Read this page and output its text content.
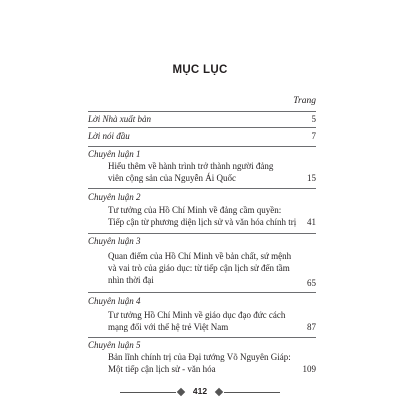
MỤC LỤC
Trang
Lời Nhà xuất bản	5
Lời nói đầu	7
Chuyên luận 1
Hiểu thêm về hành trình trở thành người đảng
viên cộng sản của Nguyễn Ái Quốc	15
Chuyên luận 2
Tư tưởng của Hồ Chí Minh về đảng cầm quyền:
Tiếp cận từ phương diện lịch sử và văn hóa chính trị 41
Chuyên luận 3
Quan điểm của Hồ Chí Minh về bản chất, sứ mệnh
và vai trò của giáo dục: từ tiếp cận lịch sử đến tầm
nhìn thời đại	65
Chuyên luận 4
Tư tưởng Hồ Chí Minh về giáo dục đạo đức cách
mạng đối với thế hệ trẻ Việt Nam	87
Chuyên luận 5
Bản lĩnh chính trị của Đại tướng Võ Nguyên Giáp:
Một tiếp cận lịch sử - văn hóa	109
412
